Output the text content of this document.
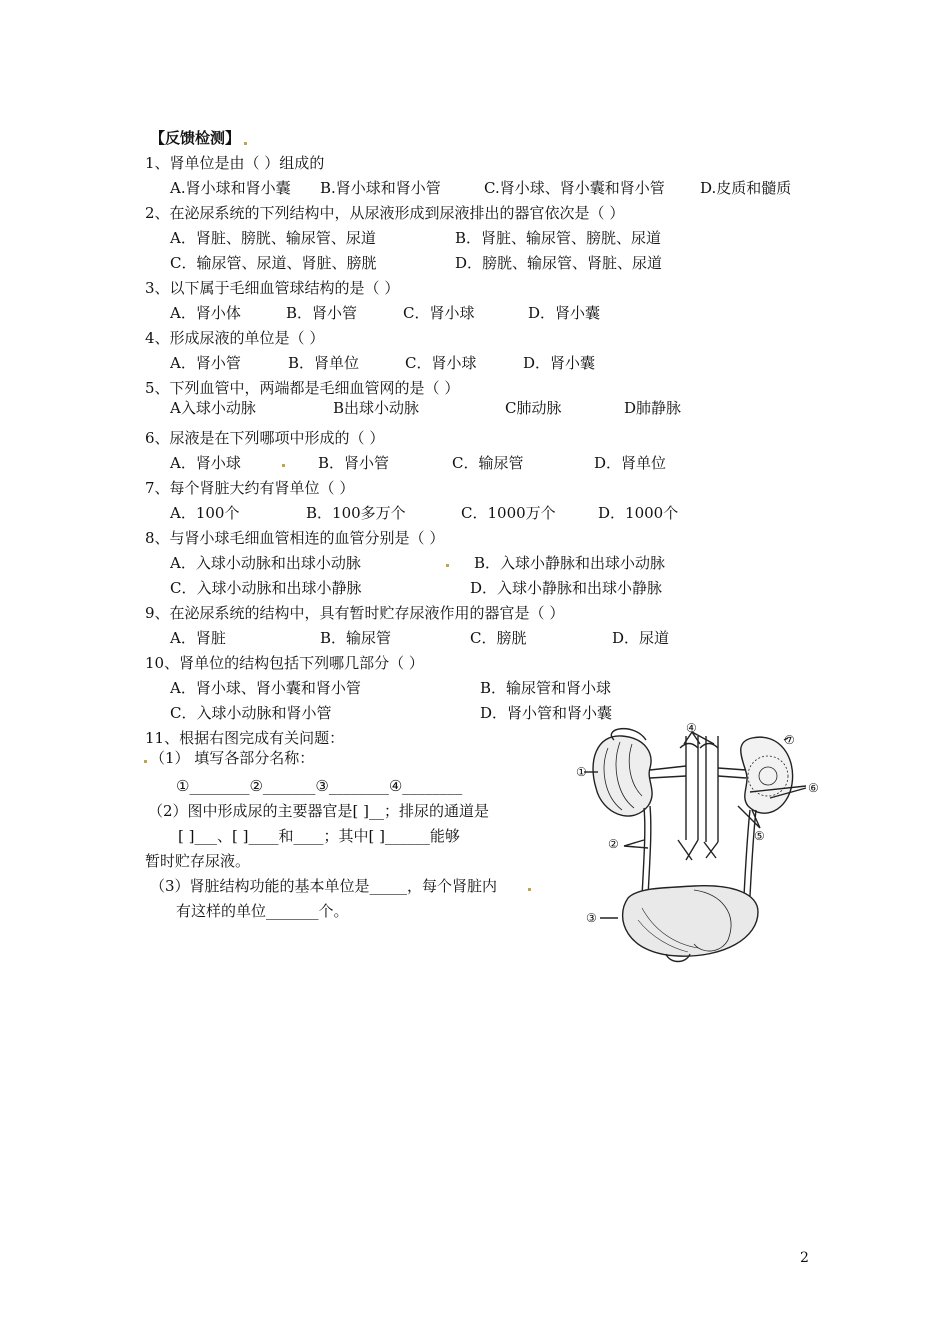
【反馈检测】
1、肾单位是由（ ）组成的
A.肾小球和肾小囊 B.肾小球和肾小管	C.肾小球、肾小囊和肾小管 D.皮质和髓质
2、在泌尿系统的下列结构中，从尿液形成到尿液排出的器官依次是（ ）
A．肾脏、膀胱、输尿管、尿道	B．肾脏、输尿管、膀胱、尿道
C．输尿管、尿道、肾脏、膀胱	D．膀胱、输尿管、肾脏、尿道
3、以下属于毛细血管球结构的是（ ）
A．肾小体	B．肾小管	C．肾小球	D．肾小囊
4、形成尿液的单位是（ ）
A．肾小管	B．肾单位	C．肾小球	D．肾小囊
5、下列血管中，两端都是毛细血管网的是（ ）
A入球小动脉	B出球小动脉	C肺动脉	D肺静脉
6、尿液是在下列哪项中形成的（ ）
A．肾小球	B．肾小管	C．输尿管	D．肾单位
7、每个肾脏大约有肾单位（ ）
A．100个	B．100多万个	C．1000万个	D．1000个
8、与肾小球毛细血管相连的血管分别是（ ）
A．入球小动脉和出球小动脉	B．入球小静脉和出球小动脉
C．入球小动脉和出球小静脉	D．入球小静脉和出球小静脉
9、在泌尿系统的结构中，具有暂时贮存尿液作用的器官是（ ）
A．肾脏	B．输尿管	C．膀胱	D．尿道
10、肾单位的结构包括下列哪几部分（ ）
A．肾小球、肾小囊和肾小管	B．输尿管和肾小球
C．入球小动脉和肾小管	D．肾小管和肾小囊
11、根据右图完成有关问题：
（1） 填写各部分名称：
①________②_______③________④________
（2）图中形成尿的主要器官是[ ]__；排尿的通道是
[ ]___、[ ]____和____；其中[ ]______能够
暂时贮存尿液。
（3）肾脏结构功能的基本单位是_____，每个肾脏内
有这样的单位_______个。
①
②
③
④
⑤
⑥
⑦
2
